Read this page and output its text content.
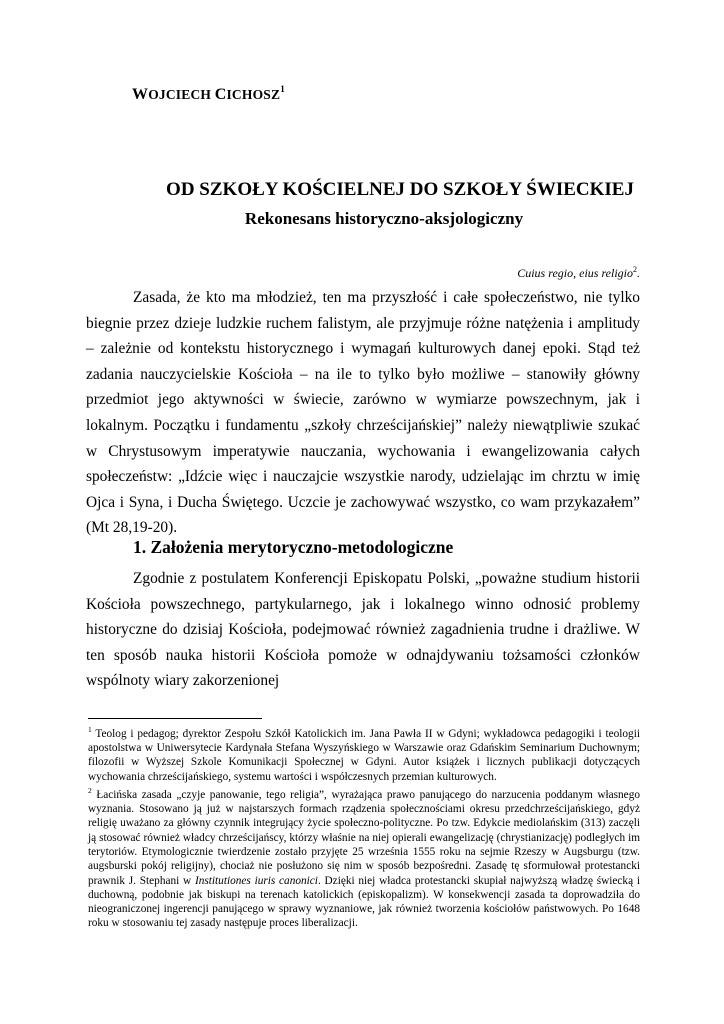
WOJCIECH CICHOSZ$^1$
OD SZKOŁY KOŚCIELNEJ DO SZKOŁY ŚWIECKIEJ
Rekonesans historyczno-aksjologiczny
Cuius regio, eius religio$^2$.

Zasada, że kto ma młodzież, ten ma przyszłość i całe społeczeństwo, nie tylko biegnie przez dzieje ludzkie ruchem falistym, ale przyjmuje różne natężenia i amplitudy – zależnie od kontekstu historycznego i wymagań kulturowych danej epoki. Stąd też zadania nauczycielskie Kościoła – na ile to tylko było możliwe – stanowiły główny przedmiot jego aktywności w świecie, zarówno w wymiarze powszechnym, jak i lokalnym. Początku i fundamentu „szkoły chrześcijańskiej” należy niewątpliwie szukać w Chrystusowym imperatywie nauczania, wychowania i ewangelizowania całych społeczeństw: „Idźcie więc i nauczajcie wszystkie narody, udzielając im chrztu w imię Ojca i Syna, i Ducha Świętego. Uczcie je zachowywać wszystko, co wam przykazałem” (Mt 28,19-20).

1. Założenia merytoryczno-metodologiczne

Zgodnie z postulatem Konferencji Episkopatu Polski, „poważne studium historii Kościoła powszechnego, partykularnego, jak i lokalnego winno odnosić problemy historyczne do dzisiaj Kościoła, podejmować również zagadnienia trudne i drażliwe. W ten sposób nauka historii Kościoła pomoże w odnajdywaniu tożsamości członków wspólnoty wiary zakorzenionej

$^1$ Teolog i pedagog; dyrektor Zespołu Szkół Katolickich im. Jana Pawła II w Gdyni; wykładowca pedagogiki i teologii apostolstwa w Uniwersytecie Kardynała Stefana Wyszyńskiego w Warszawie oraz Gdańskim Seminarium Duchownym; filozofii w Wyższej Szkole Komunikacji Społecznej w Gdyni. Autor książek i licznych publikacji dotyczących wychowania chrześcijańskiego, systemu wartości i współczesnych przemian kulturowych.

$^2$ Łacińska zasada „czyje panowanie, tego religia”, wyrażająca prawo panującego do narzucenia poddanym własnego wyznania. Stosowano ją już w najstarszych formach rządzenia społecznościami okresu przedchrześcijańskiego, gdyż religię uważano za główny czynnik integrujący życie społeczno-polityczne. Po tzw. Edykcie mediolańskim (313) zaczęli ją stosować również władcy chrześcijańscy, którzy właśnie na niej opierali ewangelizację (chrystianizację) podległych im terytoriów. Etymologicznie twierdzenie zostało przyjęte 25 września 1555 roku na sejmie Rzeszy w Augsburgu (tzw. augsburski pokój religijny), chociaż nie posłużono się nim w sposób bezpośredni. Zasadę tę sformułował protestancki prawnik J. Stephani w Institutiones iuris canonici. Dzięki niej władca protestancki skupiał najwyższą władzę świecką i duchowną, podobnie jak biskupi na terenach katolickich (episkopalizm). W konsekwencji zasada ta doprowadziła do nieograniczonej ingerencji panującego w sprawy wyznaniowe, jak również tworzenia kościołów państwowych. Po 1648 roku w stosowaniu tej zasady następuje proces liberalizacji.
